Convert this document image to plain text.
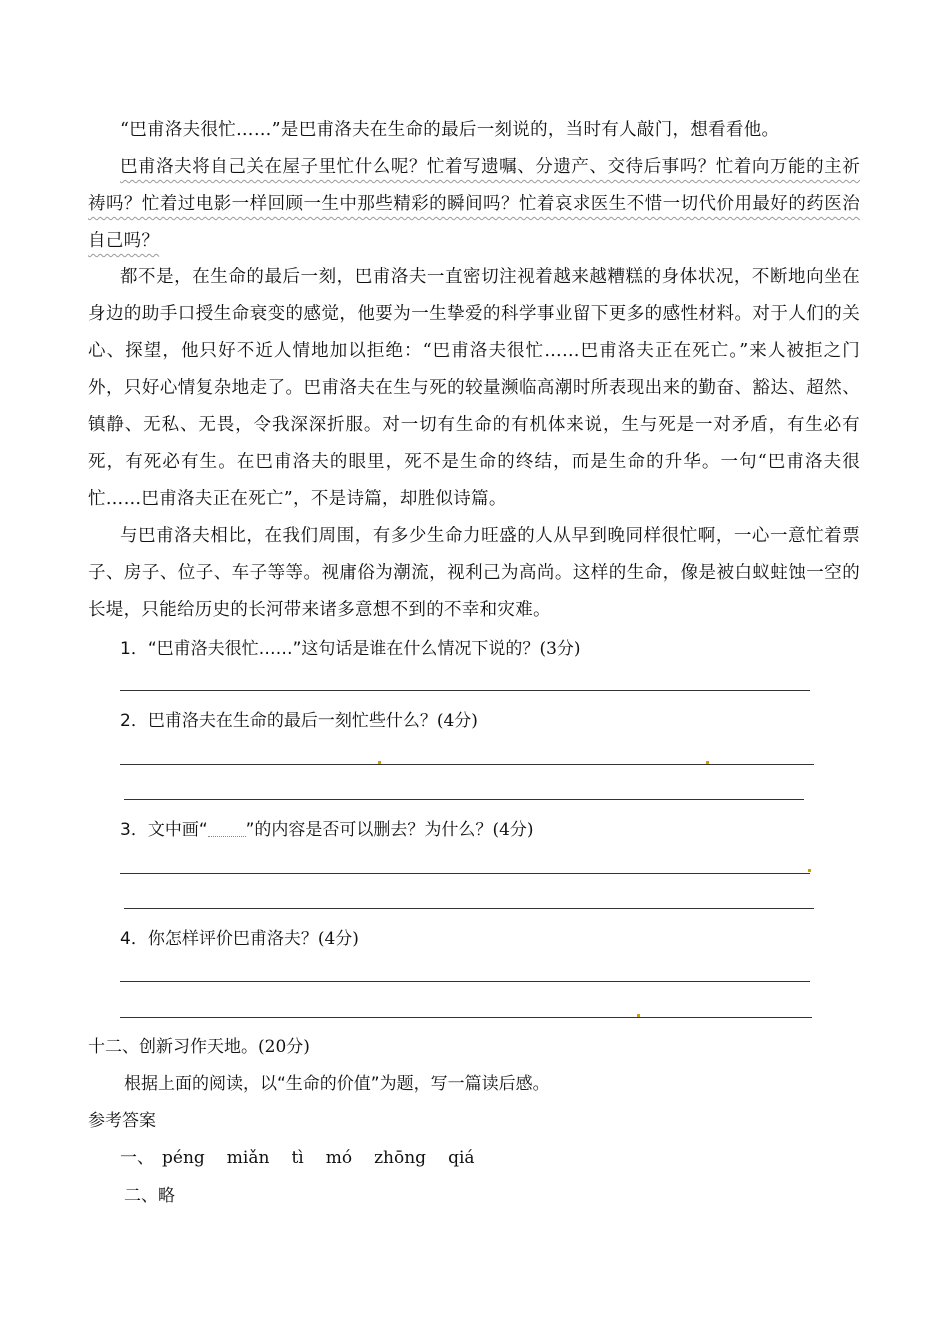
“巴甫洛夫很忙……”是巴甫洛夫在生命的最后一刻说的，当时有人敲门，想看看他。

巴甫洛夫将自己关在屋子里忙什么呢？忙着写遗嘱、分遗产、交待后事吗？忙着向万能的主祈祷吗？忙着过电影一样回顾一生中那些精彩的瞬间吗？忙着哀求医生不惜一切代价用最好的药医治自己吗？

都不是，在生命的最后一刻，巴甫洛夫一直密切注视着越来越糟糕的身体状况，不断地向坐在身边的助手口授生命衰变的感觉，他要为一生挚爱的科学事业留下更多的感性材料。对于人们的关心、探望，他只好不近人情地加以拒绝：“巴甫洛夫很忙……巴甫洛夫正在死亡。”来人被拒之门外，只好心情复杂地走了。巴甫洛夫在生与死的较量濒临高潮时所表现出来的勤奋、豁达、超然、镇静、无私、无畏，令我深深折服。对一切有生命的有机体来说，生与死是一对矛盾，有生必有死，有死必有生。在巴甫洛夫的眼里，死不是生命的终结，而是生命的升华。一句“巴甫洛夫很忙……巴甫洛夫正在死亡”，不是诗篇，却胜似诗篇。

与巴甫洛夫相比，在我们周围，有多少生命力旺盛的人从早到晚同样很忙啊，一心一意忙着票子、房子、位子、车子等等。视庸俗为潮流，视利己为高尚。这样的生命，像是被白蚁蛀蚀一空的长堤，只能给历史的长河带来诸多意想不到的不幸和灾难。

1．“巴甫洛夫很忙……”这句话是谁在什么情况下说的？(3分)

2．巴甫洛夫在生命的最后一刻忙些什么？(4分)

3．文中画“ ”的内容是否可以删去？为什么？(4分)

4．你怎样评价巴甫洛夫？(4分)

十二、创新习作天地。(20分)

根据上面的阅读，以“生命的价值”为题，写一篇读后感。

参考答案

一、 péng miǎn tì mó zhōng qiá

二、略
